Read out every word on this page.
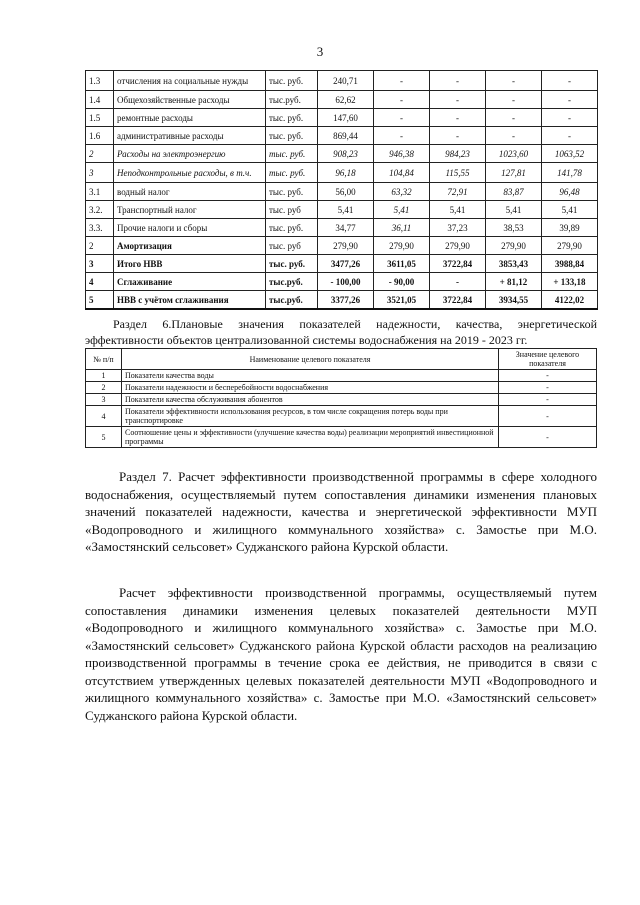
3
1.3	отчисления на социальные нужды	тыс. руб.	240,71	-	-	-	-
1.4	Общехозяйственные расходы	тыс.руб.	62,62	-	-	-	-
1.5	ремонтные расходы	тыс. руб.	147,60	-	-	-	-
1.6	административные расходы	тыс. руб.	869,44	-	-	-	-
2	Расходы на электроэнергию	тыс. руб.	908,23	946,38	984,23	1023,60	1063,52
3	Неподконтрольные расходы, в т.ч.	тыс. руб.	96,18	104,84	115,55	127,81	141,78
3.1	водный налог	тыс. руб.	56,00	63,32	72,91	83,87	96,48
3.2.	Транспортный налог	тыс. руб	5,41	5,41	5,41	5,41	5,41
3.3.	Прочие налоги и сборы	тыс. руб.	34,77	36,11	37,23	38,53	39,89
2	Амортизация	тыс. руб	279,90	279,90	279,90	279,90	279,90
3	Итого НВВ	тыс. руб.	3477,26	3611,05	3722,84	3853,43	3988,84
4	Сглаживание	тыс.руб.	- 100,00	- 90,00	-	+ 81,12	+ 133,18
5	НВВ с учётом сглаживания	тыс.руб.	3377,26	3521,05	3722,84	3934,55	4122,02

Раздел 6.Плановые значения показателей надежности, качества, энергетической эффективности объектов централизованной системы водоснабжения на 2019 - 2023 гг.

№ п/п	Наименование целевого показателя	Значение целевого показателя
1	Показатели качества воды	-
2	Показатели надежности и бесперебойности водоснабжения	-
3	Показатели качества обслуживания абонентов	-
4	Показатели эффективности использования ресурсов, в том числе сокращения потерь воды при транспортировке	-
5	Соотношение цены и эффективности (улучшение качества воды) реализации мероприятий инвестиционной программы	-

Раздел 7. Расчет эффективности производственной программы в сфере холодного водоснабжения, осуществляемый путем сопоставления динамики изменения плановых значений показателей надежности, качества и энергетической эффективности МУП «Водопроводного и жилищного коммунального хозяйства» с. Замостье при М.О. «Замостянский сельсовет» Суджанского района Курской области.

Расчет эффективности производственной программы, осуществляемый путем сопоставления динамики изменения целевых показателей деятельности МУП «Водопроводного и жилищного коммунального хозяйства» с. Замостье при М.О. «Замостянский сельсовет» Суджанского района Курской области расходов на реализацию производственной программы в течение срока ее действия, не приводится в связи с отсутствием утвержденных целевых показателей деятельности МУП «Водопроводного и жилищного коммунального хозяйства» с. Замостье при М.О. «Замостянский сельсовет» Суджанского района Курской области.
